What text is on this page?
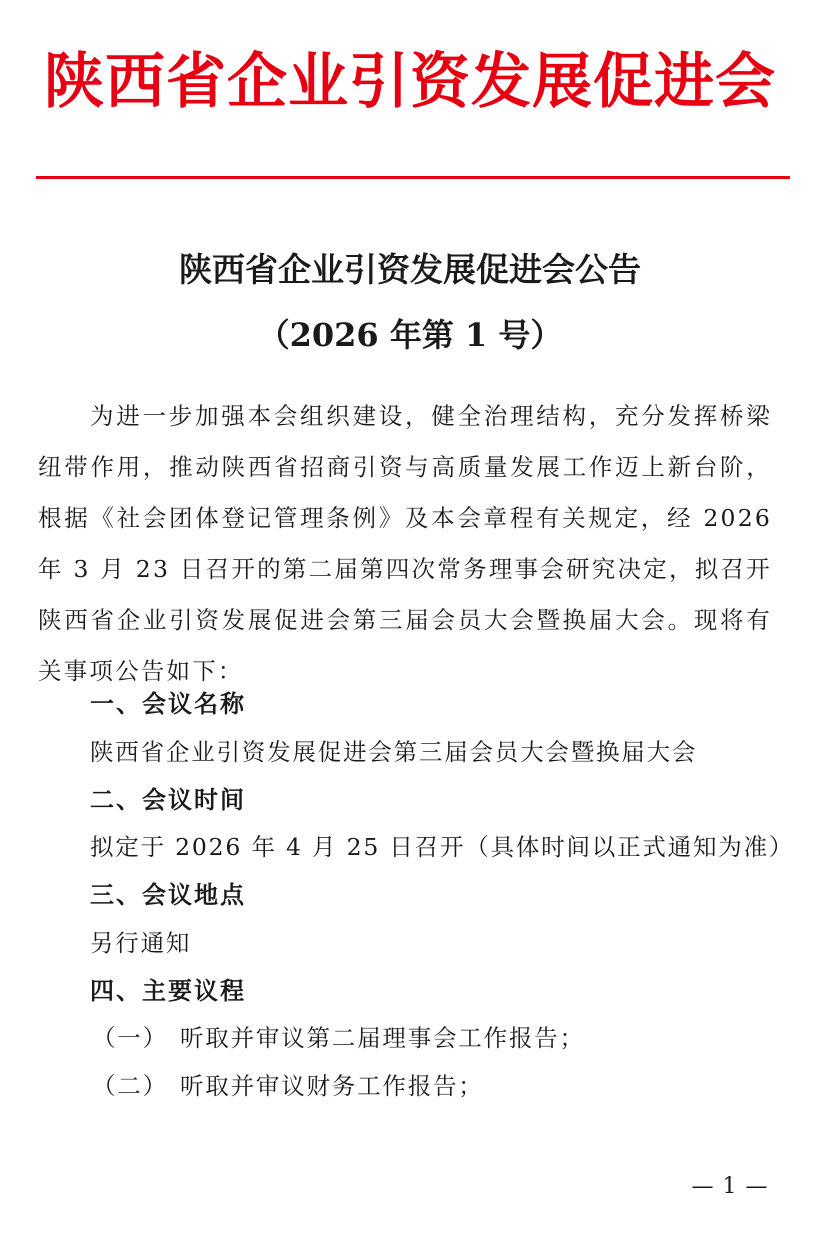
陕西省企业引资发展促进会
陕西省企业引资发展促进会公告
（2026 年第 1 号）
为进一步加强本会组织建设，健全治理结构，充分发挥桥梁纽带作用，推动陕西省招商引资与高质量发展工作迈上新台阶，根据《社会团体登记管理条例》及本会章程有关规定，经 2026 年 3 月 23 日召开的第二届第四次常务理事会研究决定，拟召开陕西省企业引资发展促进会第三届会员大会暨换届大会。现将有关事项公告如下：
一、会议名称
陕西省企业引资发展促进会第三届会员大会暨换届大会
二、会议时间
拟定于 2026 年 4 月 25 日召开（具体时间以正式通知为准）
三、会议地点
另行通知
四、主要议程
（一） 听取并审议第二届理事会工作报告；
（二） 听取并审议财务工作报告；
— 1 —
